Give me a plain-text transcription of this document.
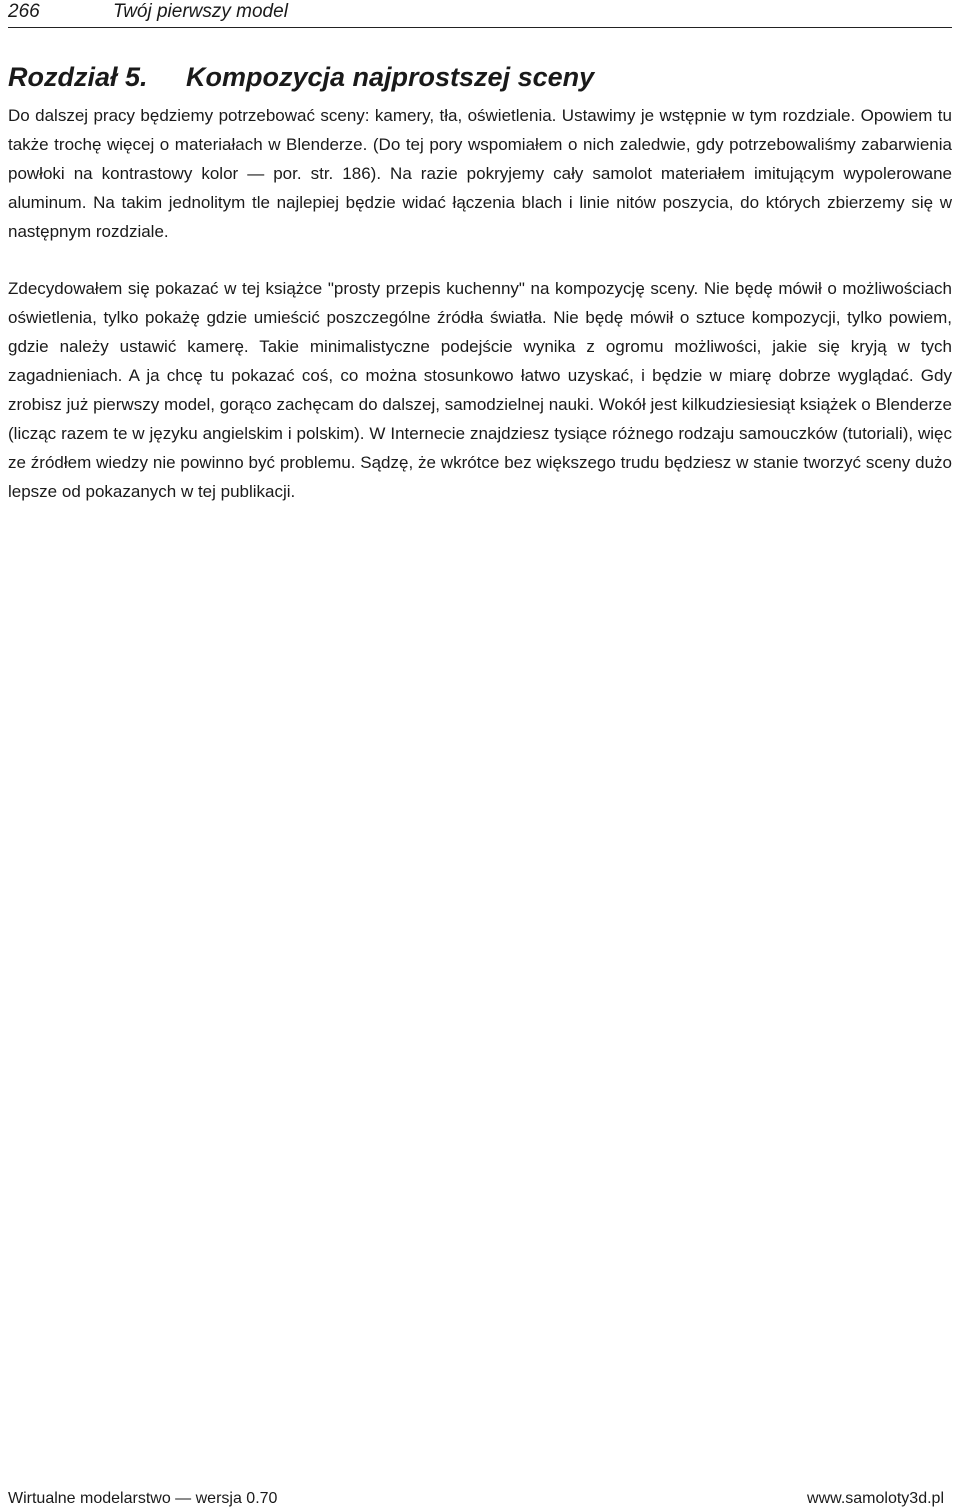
266	Twój pierwszy model
Rozdział 5. Kompozycja najprostszej sceny

Do dalszej pracy będziemy potrzebować sceny: kamery, tła, oświetlenia. Ustawimy je wstępnie w tym rozdziale. Opowiem tu także trochę więcej o materiałach w Blenderze. (Do tej pory wspomiałem o nich zaledwie, gdy potrzebowaliśmy zabarwienia powłoki na kontrastowy kolor — por. str. 186). Na razie pokryjemy cały samolot materiałem imitującym wypolerowane aluminum. Na takim jednolitym tle najlepiej będzie widać łączenia blach i linie nitów poszycia, do których zbierzemy się w następnym rozdziale.

Zdecydowałem się pokazać w tej książce "prosty przepis kuchenny" na kompozycję sceny. Nie będę mówił o możliwościach oświetlenia, tylko pokażę gdzie umieścić poszczególne źródła światła. Nie będę mówił o sztuce kompozycji, tylko powiem, gdzie należy ustawić kamerę. Takie minimalistyczne podejście wynika z ogromu możliwości, jakie się kryją w tych zagadnieniach. A ja chcę tu pokazać coś, co można stosunkowo łatwo uzyskać, i będzie w miarę dobrze wyglądać. Gdy zrobisz już pierwszy model, gorąco zachęcam do dalszej, samodzielnej nauki. Wokół jest kilkudziesiesiąt książek o Blenderze (licząc razem te w języku angielskim i polskim). W Internecie znajdziesz tysiące różnego rodzaju samouczków (tutoriali), więc ze źródłem wiedzy nie powinno być problemu. Sądzę, że wkrótce bez większego trudu będziesz w stanie tworzyć sceny dużo lepsze od pokazanych w tej publikacji.

Wirtualne modelarstwo — wersja 0.70	www.samoloty3d.pl
